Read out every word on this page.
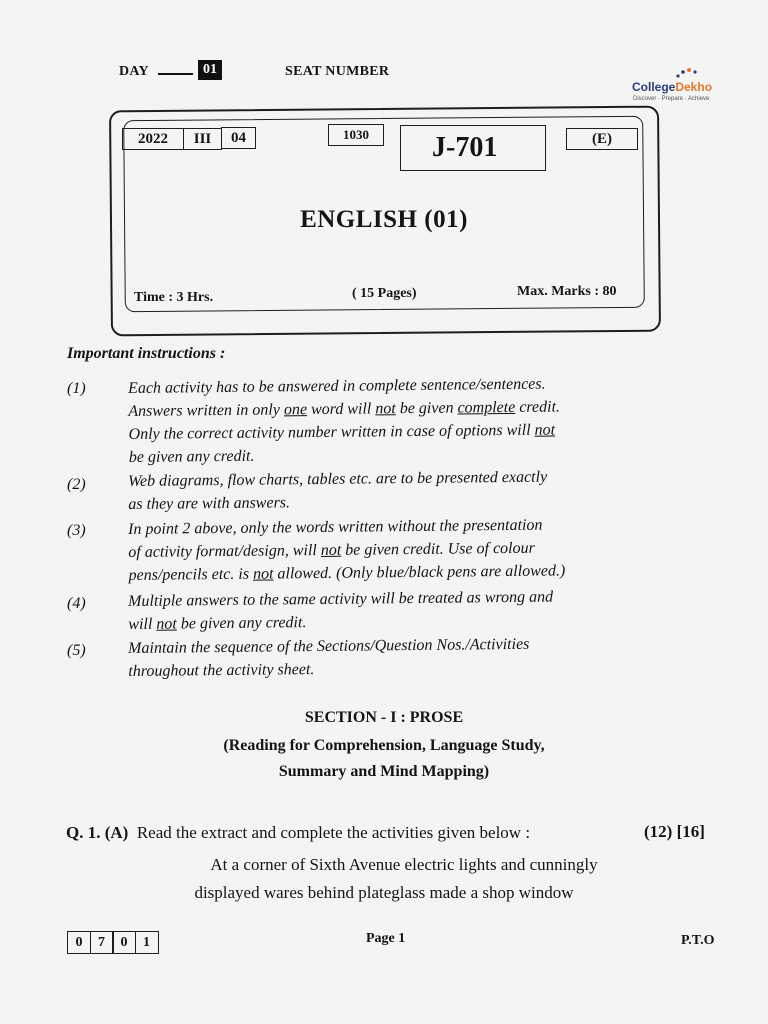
DAY	01	SEAT NUMBER
CollegeDekho
Discover · Prepare · Achieve
2022	III	04	1030	J-701	(E)
ENGLISH (01)
Time : 3 Hrs.	( 15 Pages)	Max. Marks : 80
Important instructions :
(1)	Each activity has to be answered in complete sentence/sentences.
Answers written in only one word will not be given complete credit.
Only the correct activity number written in case of options will not
be given any credit.
(2)	Web diagrams, flow charts, tables etc. are to be presented exactly
as they are with answers.
(3)	In point 2 above, only the words written without the presentation
of activity format/design, will not be given credit. Use of colour
pens/pencils etc. is not allowed. (Only blue/black pens are allowed.)
(4)	Multiple answers to the same activity will be treated as wrong and
will not be given any credit.
(5)	Maintain the sequence of the Sections/Question Nos./Activities
throughout the activity sheet.
SECTION - I : PROSE
(Reading for Comprehension, Language Study,
Summary and Mind Mapping)
Q. 1. (A) Read the extract and complete the activities given below :	(12) [16]
At a corner of Sixth Avenue electric lights and cunningly
displayed wares behind plateglass made a shop window
0	7	0	1	Page 1	P.T.O
